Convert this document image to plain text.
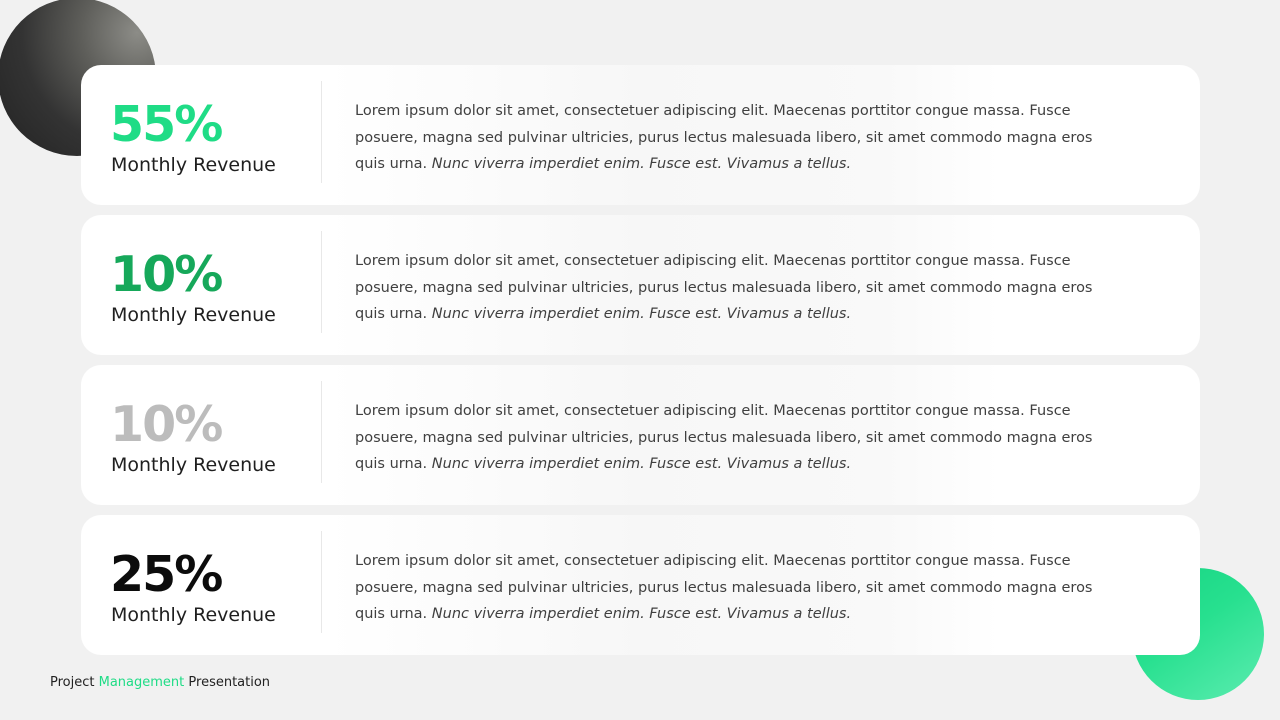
55%
Monthly Revenue
Lorem ipsum dolor sit amet, consectetuer adipiscing elit. Maecenas porttitor congue massa. Fusce posuere, magna sed pulvinar ultricies, purus lectus malesuada libero, sit amet commodo magna eros quis urna. Nunc viverra imperdiet enim. Fusce est. Vivamus a tellus.
10%
Monthly Revenue
Lorem ipsum dolor sit amet, consectetuer adipiscing elit. Maecenas porttitor congue massa. Fusce posuere, magna sed pulvinar ultricies, purus lectus malesuada libero, sit amet commodo magna eros quis urna. Nunc viverra imperdiet enim. Fusce est. Vivamus a tellus.
10%
Monthly Revenue
Lorem ipsum dolor sit amet, consectetuer adipiscing elit. Maecenas porttitor congue massa. Fusce posuere, magna sed pulvinar ultricies, purus lectus malesuada libero, sit amet commodo magna eros quis urna. Nunc viverra imperdiet enim. Fusce est. Vivamus a tellus.
25%
Monthly Revenue
Lorem ipsum dolor sit amet, consectetuer adipiscing elit. Maecenas porttitor congue massa. Fusce posuere, magna sed pulvinar ultricies, purus lectus malesuada libero, sit amet commodo magna eros quis urna. Nunc viverra imperdiet enim. Fusce est. Vivamus a tellus.
Project Management Presentation
